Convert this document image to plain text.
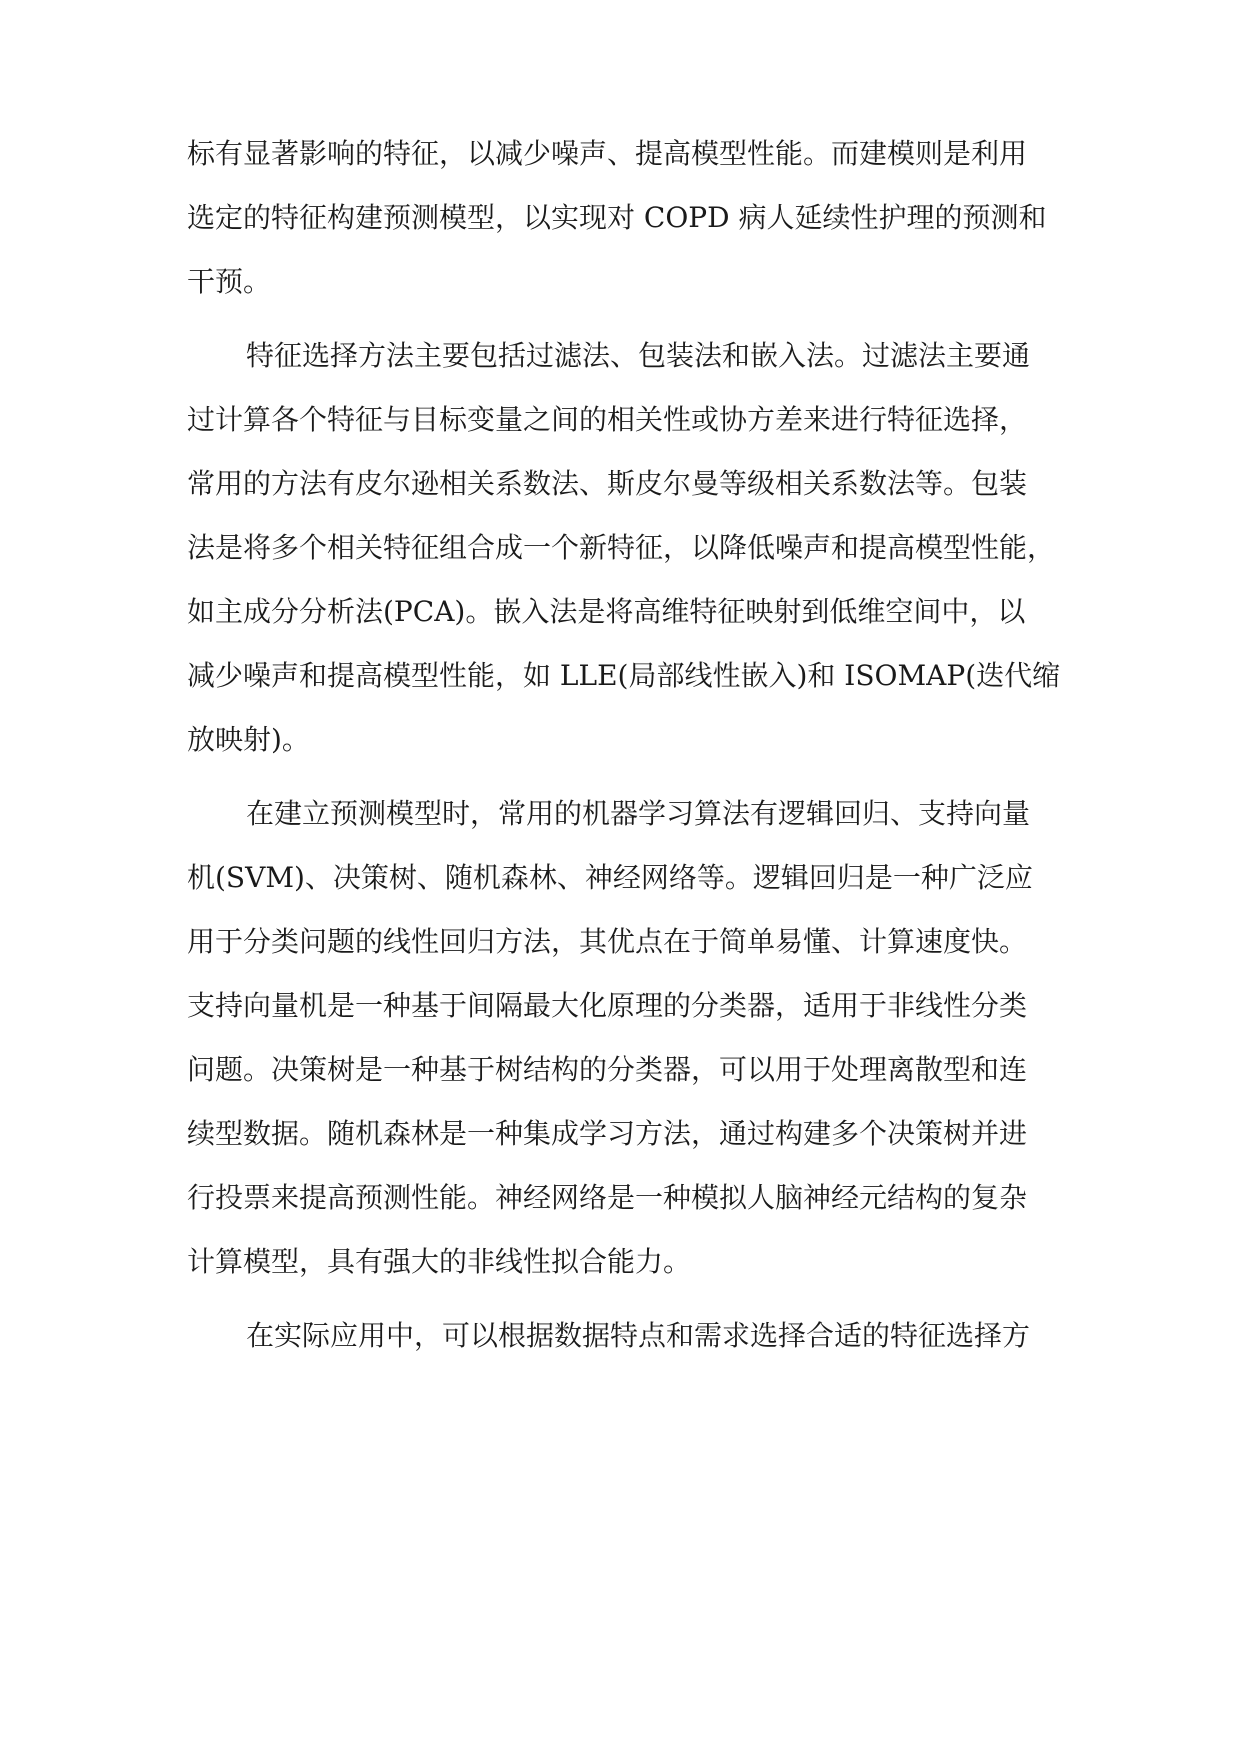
标有显著影响的特征，以减少噪声、提高模型性能。而建模则是利用
选定的特征构建预测模型，以实现对 COPD 病人延续性护理的预测和
干预。
特征选择方法主要包括过滤法、包装法和嵌入法。过滤法主要通
过计算各个特征与目标变量之间的相关性或协方差来进行特征选择，
常用的方法有皮尔逊相关系数法、斯皮尔曼等级相关系数法等。包装
法是将多个相关特征组合成一个新特征，以降低噪声和提高模型性能，
如主成分分析法(PCA)。嵌入法是将高维特征映射到低维空间中，以
减少噪声和提高模型性能，如 LLE(局部线性嵌入)和 ISOMAP(迭代缩
放映射)。
在建立预测模型时，常用的机器学习算法有逻辑回归、支持向量
机(SVM)、决策树、随机森林、神经网络等。逻辑回归是一种广泛应
用于分类问题的线性回归方法，其优点在于简单易懂、计算速度快。
支持向量机是一种基于间隔最大化原理的分类器，适用于非线性分类
问题。决策树是一种基于树结构的分类器，可以用于处理离散型和连
续型数据。随机森林是一种集成学习方法，通过构建多个决策树并进
行投票来提高预测性能。神经网络是一种模拟人脑神经元结构的复杂
计算模型，具有强大的非线性拟合能力。
在实际应用中，可以根据数据特点和需求选择合适的特征选择方
